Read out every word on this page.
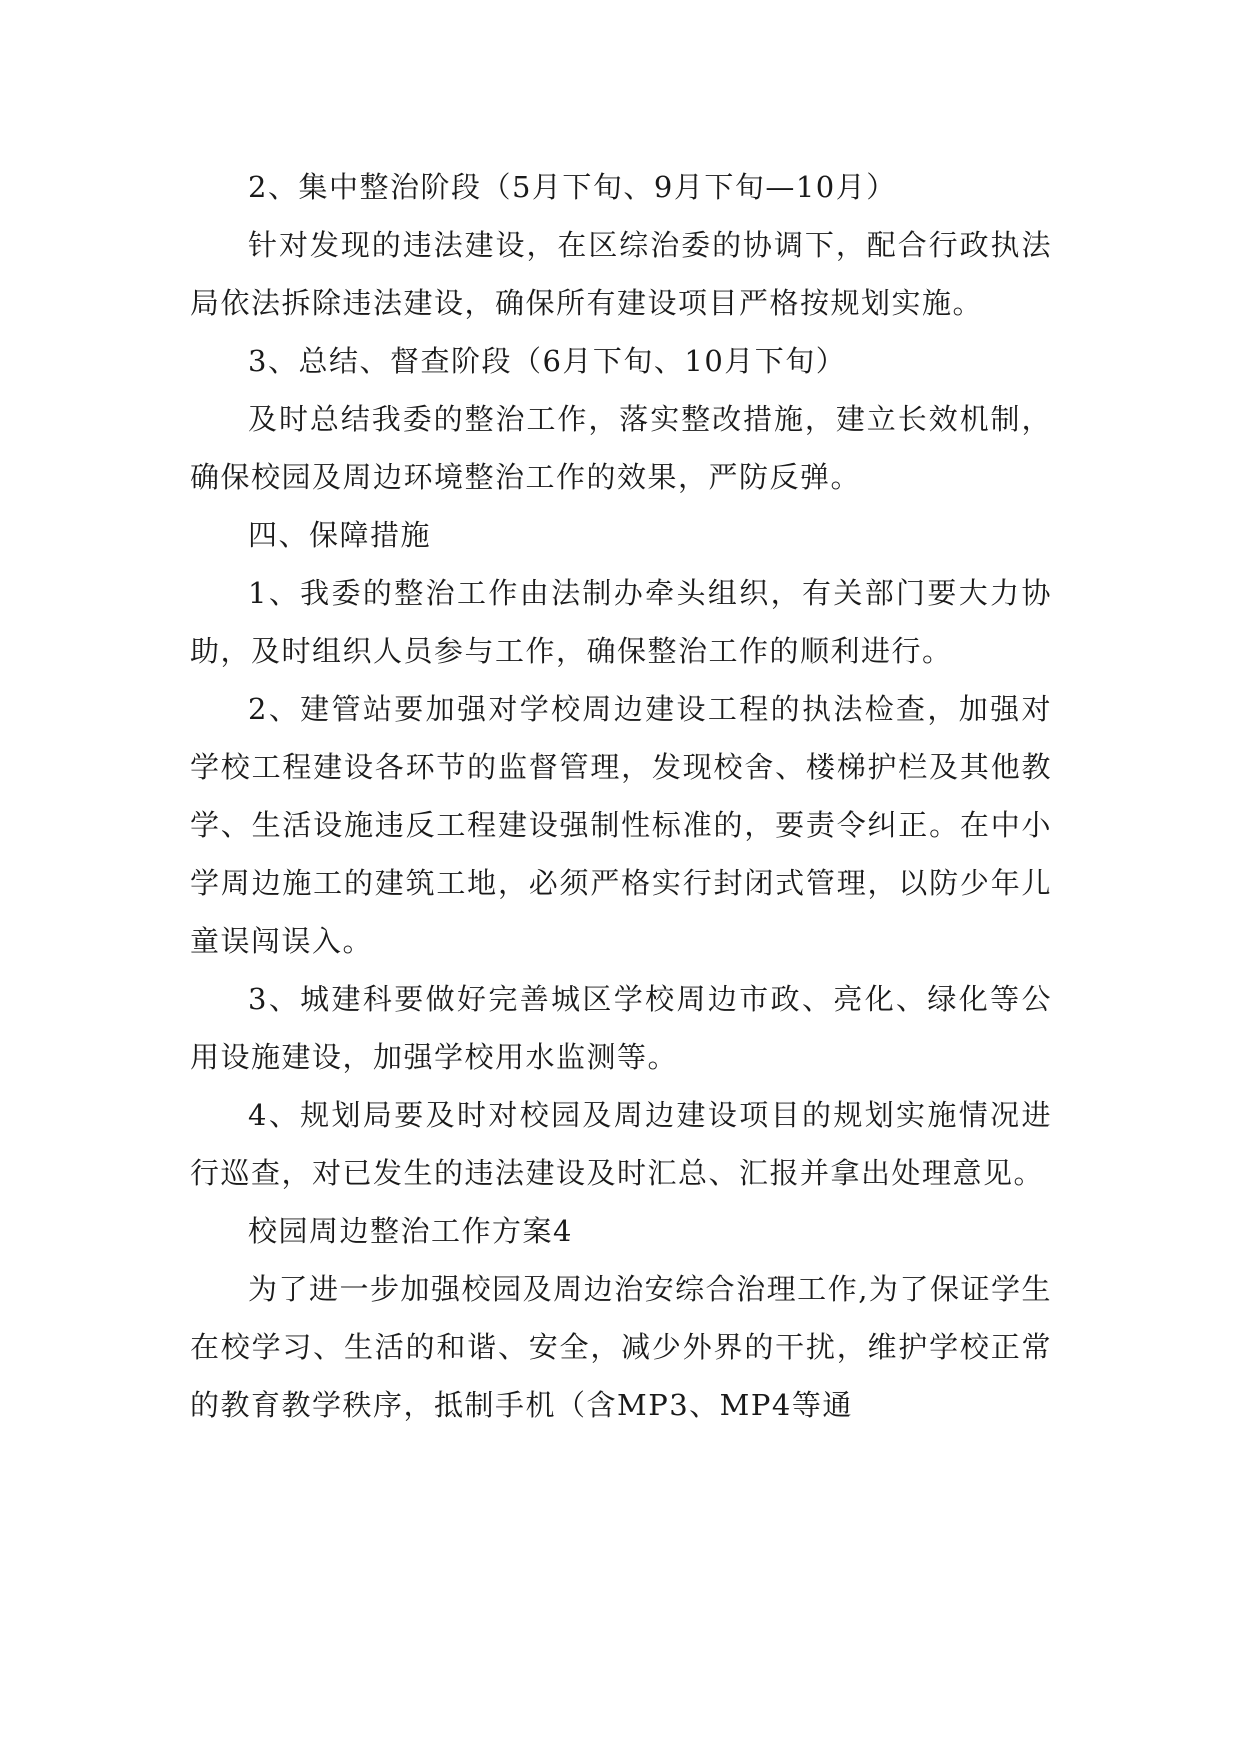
2、集中整治阶段（5月下旬、9月下旬—10月）

针对发现的违法建设，在区综治委的协调下，配合行政执法局依法拆除违法建设，确保所有建设项目严格按规划实施。

3、总结、督查阶段（6月下旬、10月下旬）

及时总结我委的整治工作，落实整改措施，建立长效机制，确保校园及周边环境整治工作的效果，严防反弹。

四、保障措施

1、我委的整治工作由法制办牵头组织，有关部门要大力协助，及时组织人员参与工作，确保整治工作的顺利进行。

2、建管站要加强对学校周边建设工程的执法检查，加强对学校工程建设各环节的监督管理，发现校舍、楼梯护栏及其他教学、生活设施违反工程建设强制性标准的，要责令纠正。在中小学周边施工的建筑工地，必须严格实行封闭式管理，以防少年儿童误闯误入。

3、城建科要做好完善城区学校周边市政、亮化、绿化等公用设施建设，加强学校用水监测等。

4、规划局要及时对校园及周边建设项目的规划实施情况进行巡查，对已发生的违法建设及时汇总、汇报并拿出处理意见。

校园周边整治工作方案4

为了进一步加强校园及周边治安综合治理工作,为了保证学生在校学习、生活的和谐、安全，减少外界的干扰，维护学校正常的教育教学秩序，抵制手机（含MP3、MP4等通
